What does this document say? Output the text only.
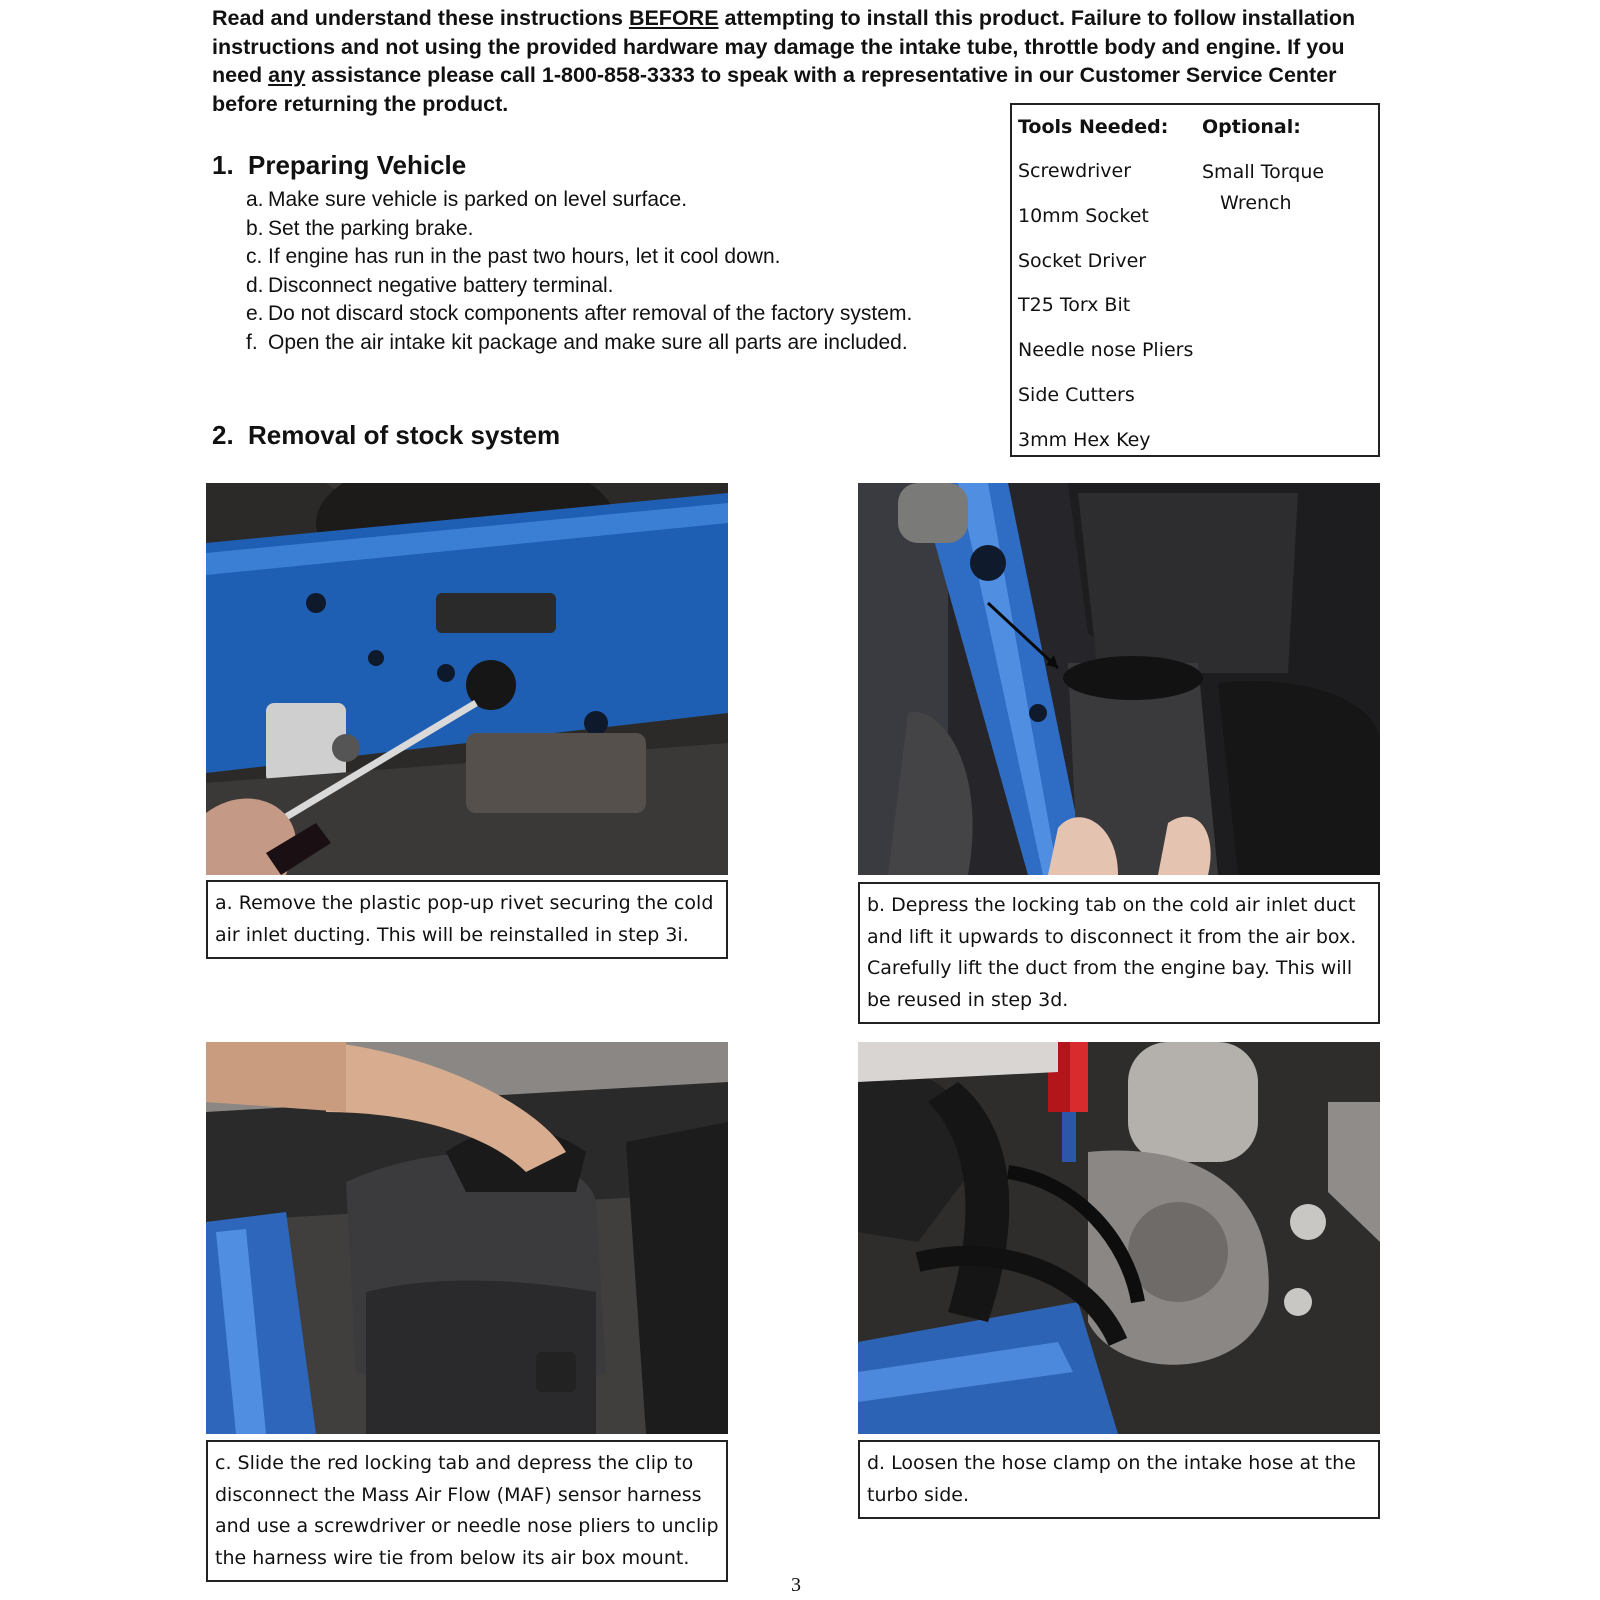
Read and understand these instructions BEFORE attempting to install this product. Failure to follow installation instructions and not using the provided hardware may damage the intake tube, throttle body and engine. If you need any assistance please call 1-800-858-3333 to speak with a representative in our Customer Service Center before returning the product.

1. Preparing Vehicle
a. Make sure vehicle is parked on level surface.
b. Set the parking brake.
c. If engine has run in the past two hours, let it cool down.
d. Disconnect negative battery terminal.
e. Do not discard stock components after removal of the factory system.
f. Open the air intake kit package and make sure all parts are included.
2. Removal of stock system
Tools Needed:
Screwdriver
10mm Socket
Socket Driver
T25 Torx Bit
Needle nose Pliers
Side Cutters
3mm Hex Key
Optional:
Small Torque
Wrench
a. Remove the plastic pop-up rivet securing the cold air inlet ducting. This will be reinstalled in step 3i.
b. Depress the locking tab on the cold air inlet duct and lift it upwards to disconnect it from the air box. Carefully lift the duct from the engine bay. This will be reused in step 3d.
c. Slide the red locking tab and depress the clip to disconnect the Mass Air Flow (MAF) sensor harness and use a screwdriver or needle nose pliers to unclip the harness wire tie from below its air box mount.
d. Loosen the hose clamp on the intake hose at the turbo side.
3
